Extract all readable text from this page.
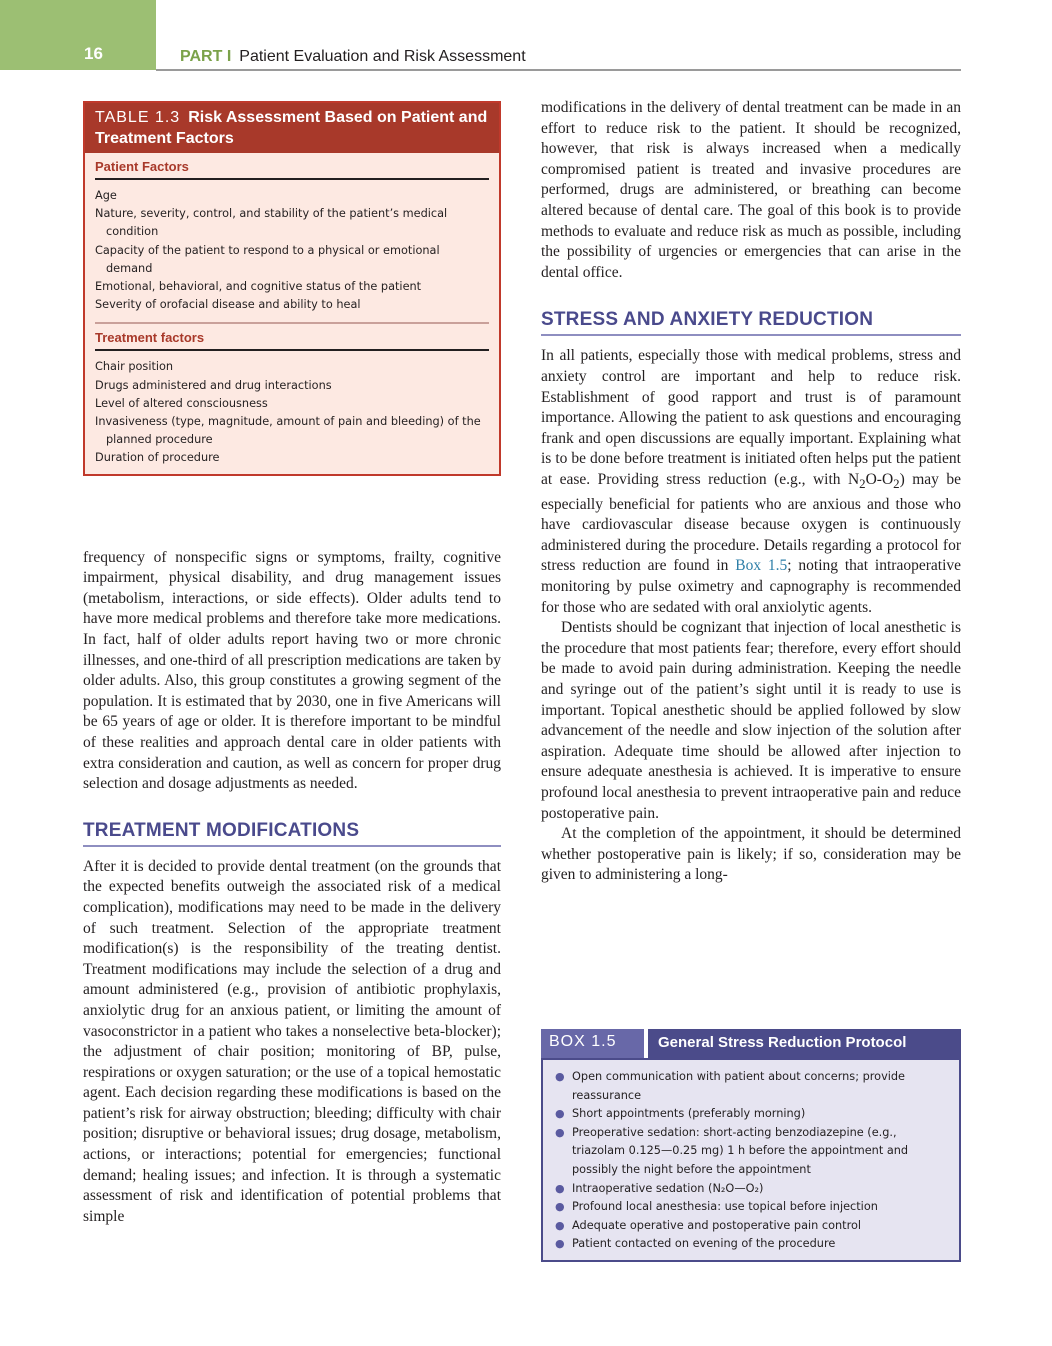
16	PART I Patient Evaluation and Risk Assessment
TABLE 1.3 Risk Assessment Based on Patient and Treatment Factors
Patient Factors
Age
Nature, severity, control, and stability of the patient’s medical condition
Capacity of the patient to respond to a physical or emotional demand
Emotional, behavioral, and cognitive status of the patient
Severity of orofacial disease and ability to heal
Treatment factors
Chair position
Drugs administered and drug interactions
Level of altered consciousness
Invasiveness (type, magnitude, amount of pain and bleeding) of the planned procedure
Duration of procedure

frequency of nonspecific signs or symptoms, frailty, cognitive impairment, physical disability, and drug management issues (metabolism, interactions, or side effects). Older adults tend to have more medical problems and therefore take more medications. In fact, half of older adults report having two or more chronic illnesses, and one-third of all prescription medications are taken by older adults. Also, this group constitutes a growing segment of the population. It is estimated that by 2030, one in five Americans will be 65 years of age or older. It is therefore important to be mindful of these realities and approach dental care in older patients with extra consideration and caution, as well as concern for proper drug selection and dosage adjustments as needed.

TREATMENT MODIFICATIONS

After it is decided to provide dental treatment (on the grounds that the expected benefits outweigh the associated risk of a medical complication), modifications may need to be made in the delivery of such treatment. Selection of the appropriate treatment modification(s) is the responsibility of the treating dentist. Treatment modifications may include the selection of a drug and amount administered (e.g., provision of antibiotic prophylaxis, anxiolytic drug for an anxious patient, or limiting the amount of vasoconstrictor in a patient who takes a nonselective beta-blocker); the adjustment of chair position; monitoring of BP, pulse, respirations or oxygen saturation; or the use of a topical hemostatic agent. Each decision regarding these modifications is based on the patient’s risk for airway obstruction; bleeding; difficulty with chair position; disruptive or behavioral issues; drug dosage, metabolism, actions, or interactions; potential for emergencies; functional demand; healing issues; and infection. It is through a systematic assessment of risk and identification of potential problems that simple

modifications in the delivery of dental treatment can be made in an effort to reduce risk to the patient. It should be recognized, however, that risk is always increased when a medically compromised patient is treated and invasive procedures are performed, drugs are administered, or breathing can become altered because of dental care. The goal of this book is to provide methods to evaluate and reduce risk as much as possible, including the possibility of urgencies or emergencies that can arise in the dental office.

STRESS AND ANXIETY REDUCTION

In all patients, especially those with medical problems, stress and anxiety control are important and help to reduce risk. Establishment of good rapport and trust is of paramount importance. Allowing the patient to ask questions and encouraging frank and open discussions are equally important. Explaining what is to be done before treatment is initiated often helps put the patient at ease. Providing stress reduction (e.g., with $N_2O-O_2$) may be especially beneficial for patients who are anxious and those who have cardiovascular disease because oxygen is continuously administered during the procedure. Details regarding a protocol for stress reduction are found in Box 1.5; noting that intraoperative monitoring by pulse oximetry and capnography is recommended for those who are sedated with oral anxiolytic agents.

Dentists should be cognizant that injection of local anesthetic is the procedure that most patients fear; therefore, every effort should be made to avoid pain during administration. Keeping the needle and syringe out of the patient’s sight until it is ready to use is important. Topical anesthetic should be applied followed by slow advancement of the needle and slow injection of the solution after aspiration. Adequate time should be allowed after injection to ensure adequate anesthesia is achieved. It is imperative to ensure profound local anesthesia to prevent intraoperative pain and reduce postoperative pain.

At the completion of the appointment, it should be determined whether postoperative pain is likely; if so, consideration may be given to administering a long-

BOX 1.5	General Stress Reduction Protocol
● Open communication with patient about concerns; provide reassurance
● Short appointments (preferably morning)
● Preoperative sedation: short-acting benzodiazepine (e.g., triazolam 0.125—0.25 mg) 1 h before the appointment and possibly the night before the appointment
● Intraoperative sedation (N₂O—O₂)
● Profound local anesthesia: use topical before injection
● Adequate operative and postoperative pain control
● Patient contacted on evening of the procedure
